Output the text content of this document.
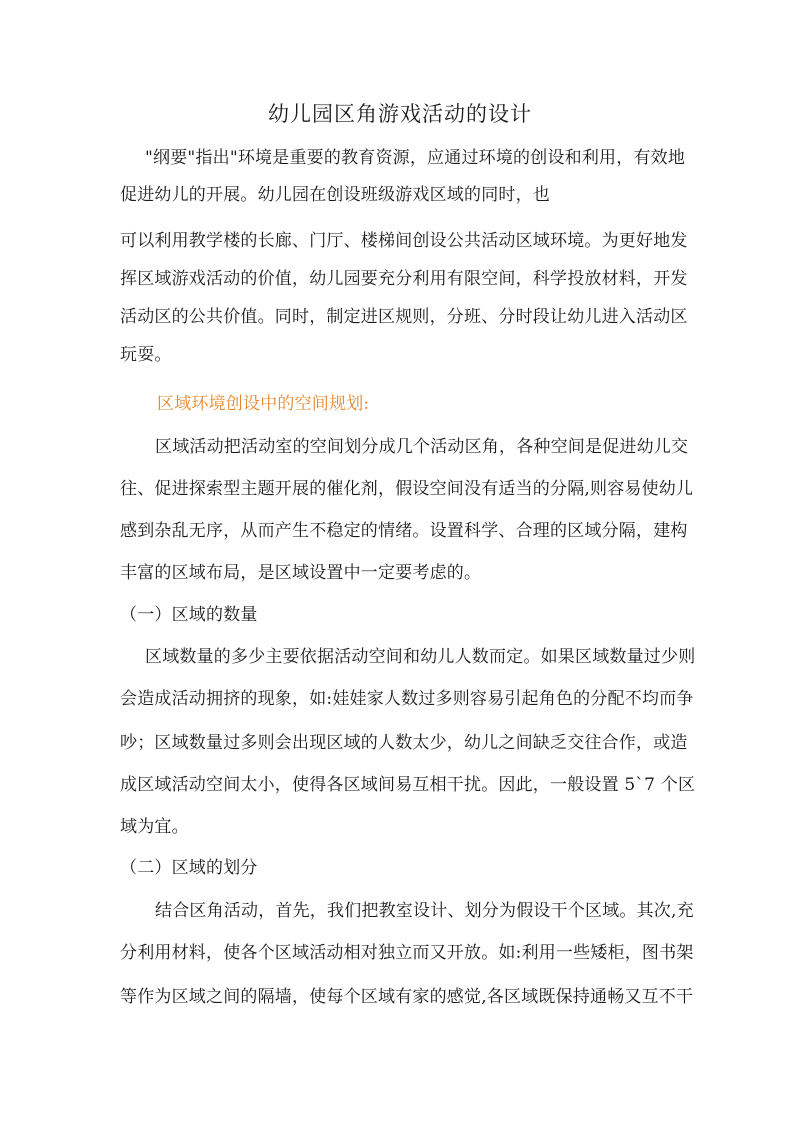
幼儿园区角游戏活动的设计
"纲要"指出"环境是重要的教育资源，应通过环境的创设和利用，有效地
促进幼儿的开展。幼儿园在创设班级游戏区域的同时，也
可以利用教学楼的长廊、门厅、楼梯间创设公共活动区域环境。为更好地发
挥区域游戏活动的价值，幼儿园要充分利用有限空间，科学投放材料，开发
活动区的公共价值。同时，制定进区规则，分班、分时段让幼儿进入活动区
玩耍。
区域环境创设中的空间规划:
区域活动把活动室的空间划分成几个活动区角，各种空间是促进幼儿交
往、促进探索型主题开展的催化剂，假设空间没有适当的分隔,则容易使幼儿
感到杂乱无序，从而产生不稳定的情绪。设置科学、合理的区域分隔，建构
丰富的区域布局，是区域设置中一定要考虑的。
（一）区域的数量
区域数量的多少主要依据活动空间和幼儿人数而定。如果区域数量过少则
会造成活动拥挤的现象，如:娃娃家人数过多则容易引起角色的分配不均而争
吵；区域数量过多则会出现区域的人数太少，幼儿之间缺乏交往合作，或造
成区域活动空间太小，使得各区域间易互相干扰。因此，一般设置 5`7 个区
域为宜。
（二）区域的划分
结合区角活动，首先，我们把教室设计、划分为假设干个区域。其次,充
分利用材料，使各个区域活动相对独立而又开放。如:利用一些矮柜，图书架
等作为区域之间的隔墙，使每个区域有家的感觉,各区域既保持通畅又互不干
